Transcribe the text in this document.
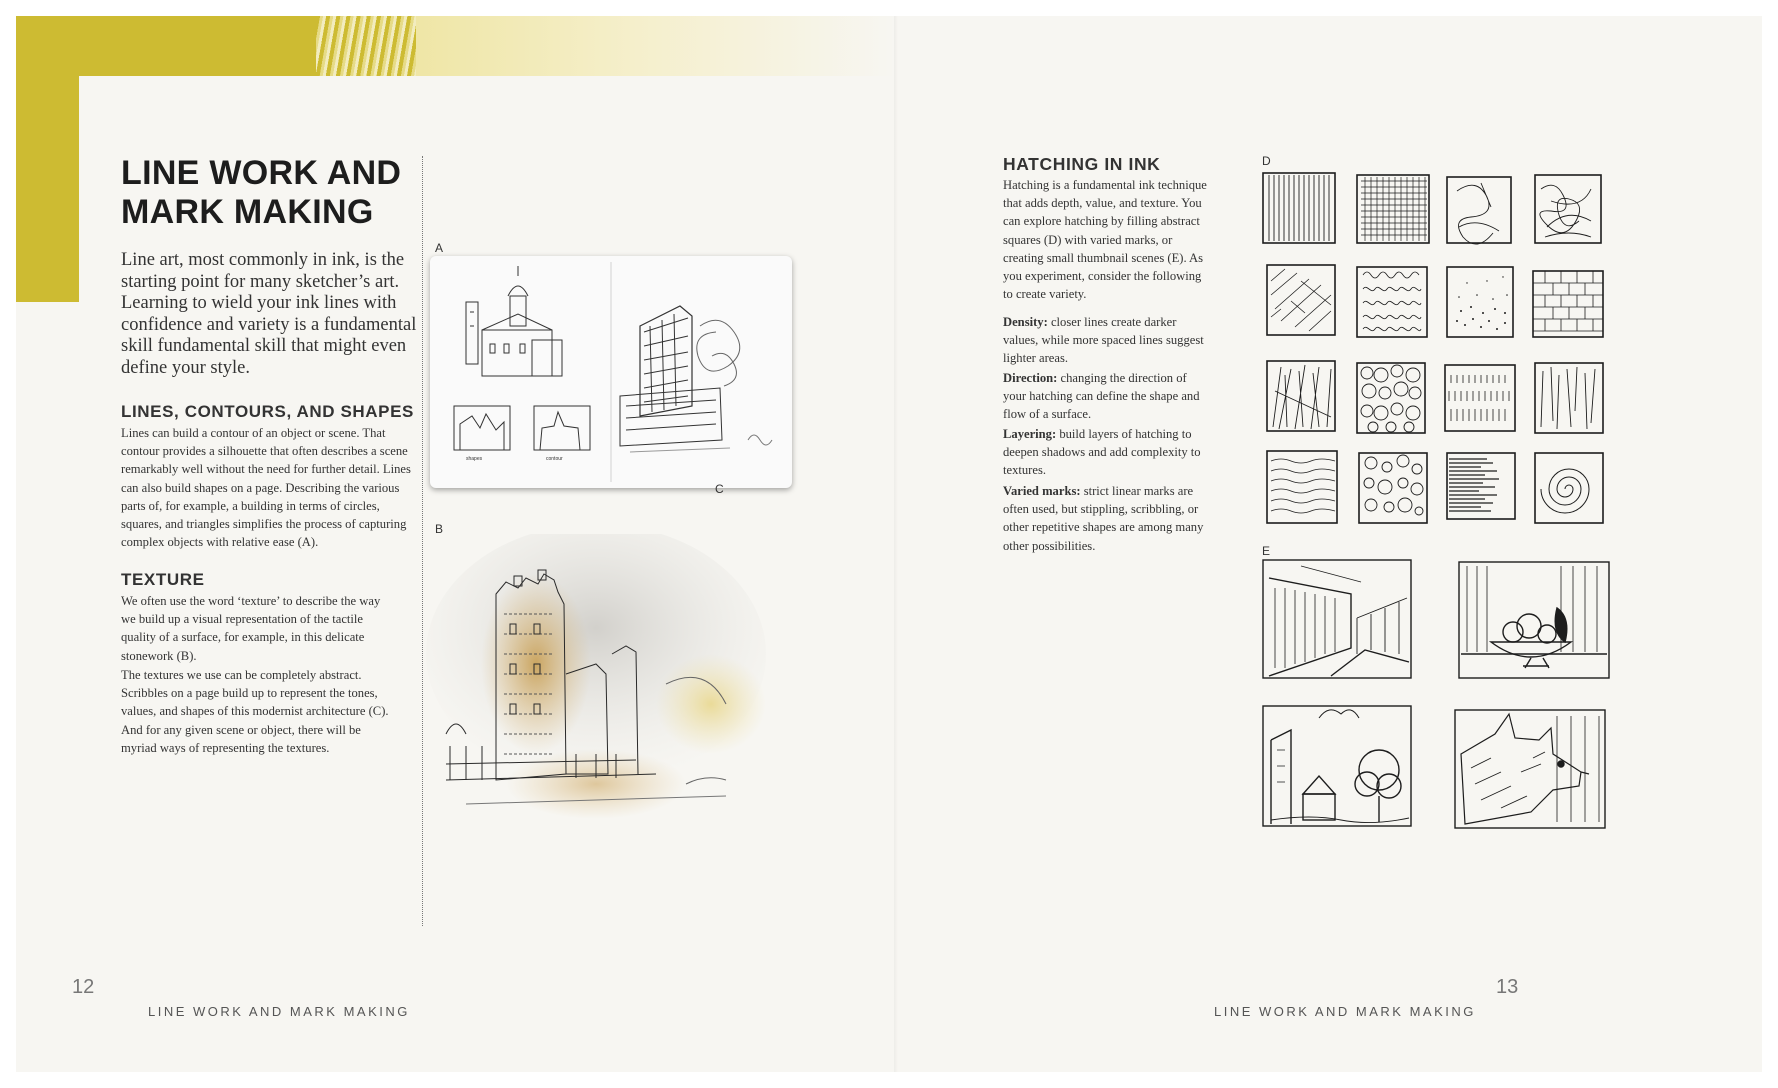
LINE WORK AND MARK MAKING

Line art, most commonly in ink, is the starting point for many sketcher’s art. Learning to wield your ink lines with confidence and variety is a fundamental skill fundamental skill that might even define your style.

LINES, CONTOURS, AND SHAPES

Lines can build a contour of an object or scene. That contour provides a silhouette that often describes a scene remarkably well without the need for further detail. Lines can also build shapes on a page. Describing the various parts of, for example, a building in terms of circles, squares, and triangles simplifies the process of capturing complex objects with relative ease (A).

TEXTURE

We often use the word ‘texture’ to describe the way we build up a visual representation of the tactile quality of a surface, for example, in this delicate stonework (B).

The textures we use can be completely abstract. Scribbles on a page build up to represent the tones, values, and shapes of this modernist architecture (C). And for any given scene or object, there will be myriad ways of representing the textures.

A
shapes	contour
C
B
12
LINE WORK AND MARK MAKING
HATCHING IN INK

Hatching is a fundamental ink technique that adds depth, value, and texture. You can explore hatching by filling abstract squares (D) with varied marks, or creating small thumbnail scenes (E). As you experiment, consider the following to create variety.

Density: closer lines create darker values, while more spaced lines suggest lighter areas.

Direction: changing the direction of your hatching can define the shape and flow of a surface.

Layering: build layers of hatching to deepen shadows and add complexity to textures.

Varied marks: strict linear marks are often used, but stippling, scribbling, or other repetitive shapes are among many other possibilities.

D
E
LINE WORK AND MARK MAKING
13
